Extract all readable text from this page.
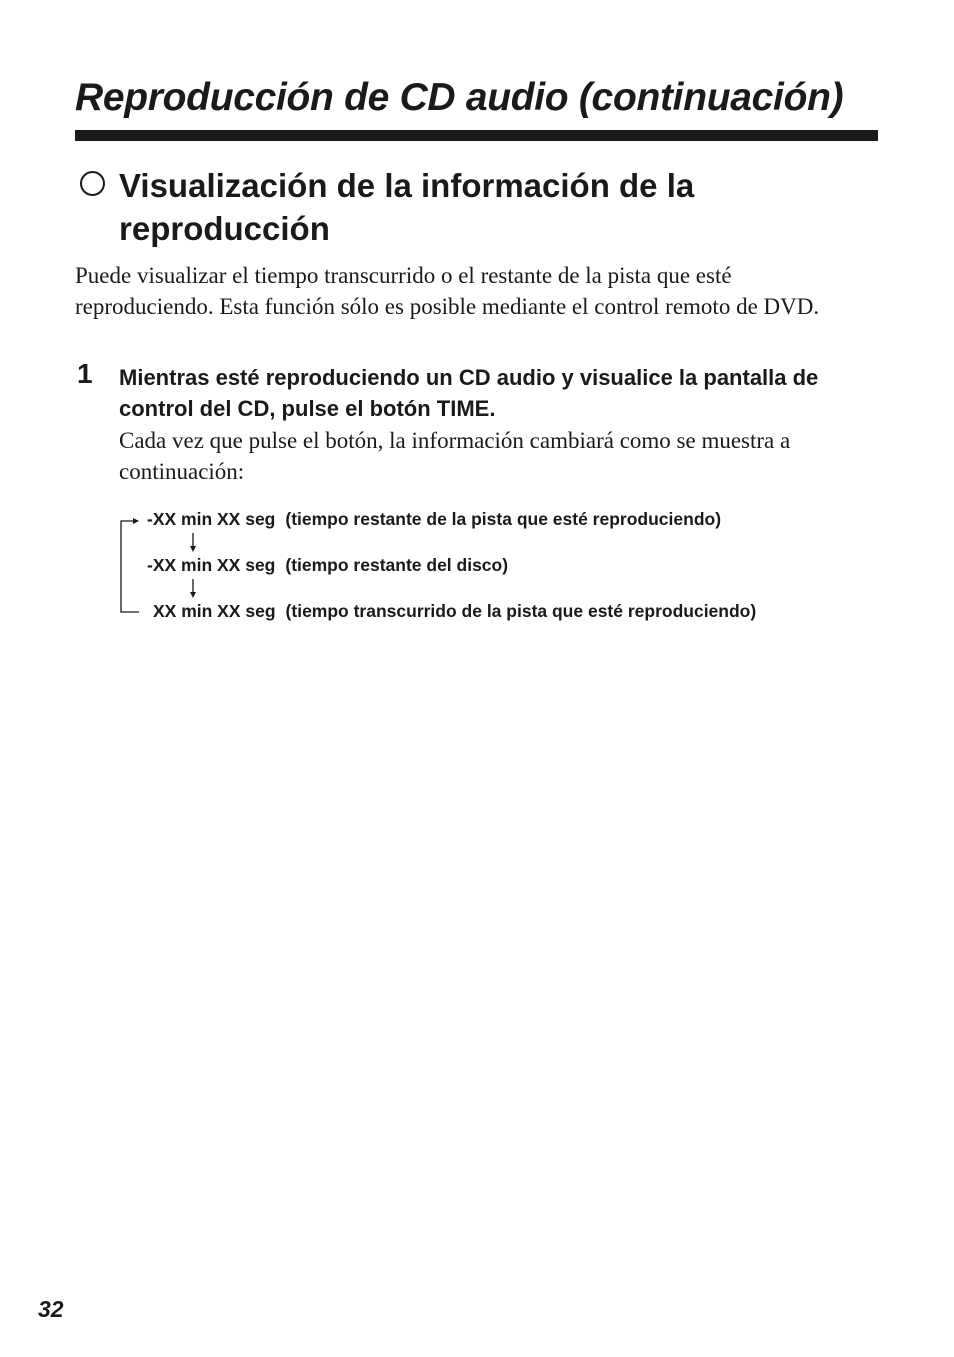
Reproducción de CD audio (continuación)
Visualización de la información de la reproducción

Puede visualizar el tiempo transcurrido o el restante de la pista que esté reproduciendo. Esta función sólo es posible mediante el control remoto de DVD.

1 Mientras esté reproduciendo un CD audio y visualice la pantalla de control del CD, pulse el botón TIME.

Cada vez que pulse el botón, la información cambiará como se muestra a continuación:

-XX min XX seg (tiempo restante de la pista que esté reproduciendo)
-XX min XX seg (tiempo restante del disco)
XX min XX seg (tiempo transcurrido de la pista que esté reproduciendo)
32
